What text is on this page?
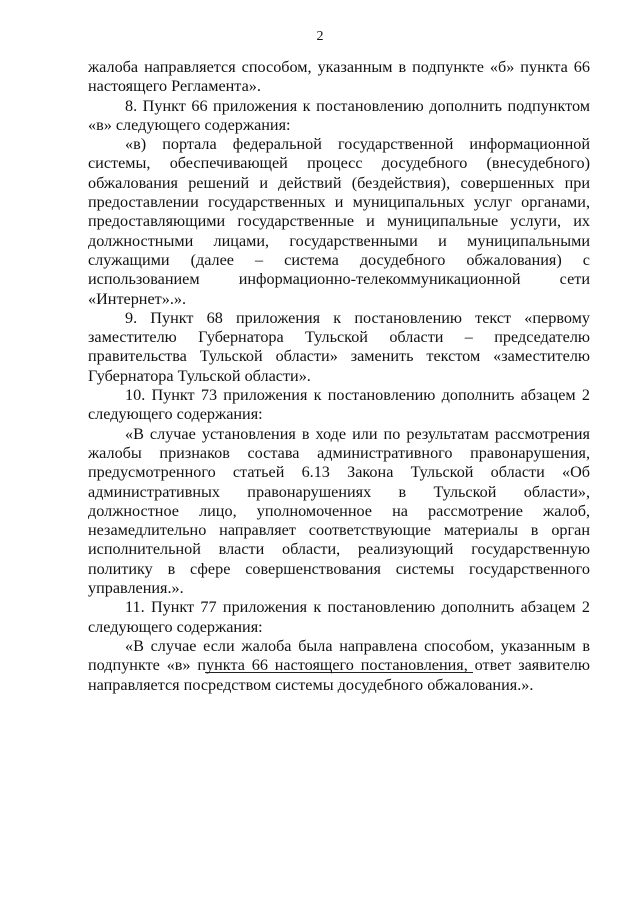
2

жалоба направляется способом, указанным в подпункте «б» пункта 66 настоящего Регламента».

8. Пункт 66 приложения к постановлению дополнить подпунктом «в» следующего содержания:

«в) портала федеральной государственной информационной системы, обеспечивающей процесс досудебного (внесудебного) обжалования решений и действий (бездействия), совершенных при предоставлении государственных и муниципальных услуг органами, предоставляющими государственные и муниципальные услуги, их должностными лицами, государственными и муниципальными служащими (далее – система досудебного обжалования) с использованием информационно-телекоммуникационной сети «Интернет».».

9. Пункт 68 приложения к постановлению текст «первому заместителю Губернатора Тульской области – председателю правительства Тульской области» заменить текстом «заместителю Губернатора Тульской области».

10. Пункт 73 приложения к постановлению дополнить абзацем 2 следующего содержания:

«В случае установления в ходе или по результатам рассмотрения жалобы признаков состава административного правонарушения, предусмотренного статьей 6.13 Закона Тульской области «Об административных правонарушениях в Тульской области», должностное лицо, уполномоченное на рассмотрение жалоб, незамедлительно направляет соответствующие материалы в орган исполнительной власти области, реализующий государственную политику в сфере совершенствования системы государственного управления.».

11. Пункт 77 приложения к постановлению дополнить абзацем 2 следующего содержания:

«В случае если жалоба была направлена способом, указанным в подпункте «в» пункта 66 настоящего постановления, ответ заявителю направляется посредством системы досудебного обжалования.».
